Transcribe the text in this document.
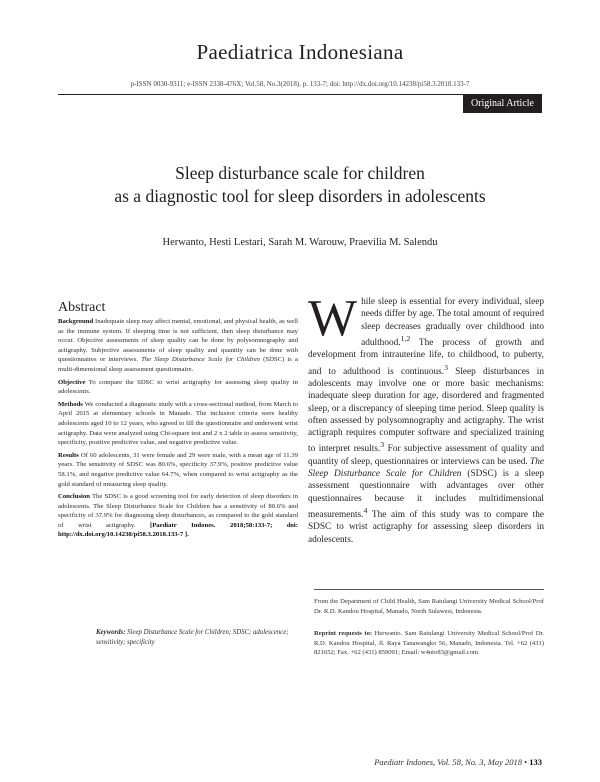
Paediatrica Indonesiana
p-ISSN 0030-9311; e-ISSN 2338-476X; Vol.58, No.3(2018). p. 133-7; doi: http://dx.doi.org/10.14238/pi58.3.2018.133-7
Original Article
Sleep disturbance scale for children
as a diagnostic tool for sleep disorders in adolescents
Herwanto, Hesti Lestari, Sarah M. Warouw, Praevilia M. Salendu
Abstract

Background Inadequate sleep may affect mental, emotional, and physical health, as well as the immune system. If sleeping time is not sufficient, then sleep disturbance may occur. Objective assessments of sleep quality can be done by polysomnography and actigraphy. Subjective assessments of sleep quality and quantity can be done with questionnaires or interviews. The Sleep Disturbance Scale for Children (SDSC) is a multi-dimensional sleep assessment questionnaire.

Objective To compare the SDSC to wrist actigraphy for assessing sleep quality in adolescents.

Methods We conducted a diagnostic study with a cross-sectional method, from March to April 2015 at elementary schools in Manado. The inclusion criteria were healthy adolescents aged 10 to 12 years, who agreed to fill the questionnaire and underwent wrist actigraphy. Data were analyzed using Chi-square test and 2 x 2 table to assess sensitivity, specificity, positive predictive value, and negative predictive value.

Results Of 60 adolescents, 31 were female and 29 were male, with a mean age of 11.39 years. The sensitivity of SDSC was 80.6%, specificity 37.9%, positive predictive value 58.1%, and negative predictive value 64.7%, when compared to wrist actigraphy as the gold standard of measuring sleep quality.

Conclusion The SDSC is a good screening tool for early detection of sleep disorders in adolescents. The Sleep Disturbance Scale for Children has a sensitivity of 80.6% and specificity of 37.9% for diagnosing sleep disturbances, as compared to the gold standard of wrist actigraphy. [Paediatr Indones. 2018;58:133-7; doi: http://dx.doi.org/10.14238/pi58.3.2018.133-7 ].

Keywords: Sleep Disturbance Scale for Children; SDSC; adolescence; sensitivity; specificity
While sleep is essential for every individual, sleep needs differ by age. The total amount of required sleep decreases gradually over childhood into adulthood.$^{1,2}$ The process of growth and development from intrauterine life, to childhood, to puberty, and to adulthood is continuous.$^3$ Sleep disturbances in adolescents may involve one or more basic mechanisms: inadequate sleep duration for age, disordered and fragmented sleep, or a discrepancy of sleeping time period. Sleep quality is often assessed by polysomnography and actigraphy. The wrist actigraph requires computer software and specialized training to interpret results.$^3$ For subjective assessment of quality and quantity of sleep, questionnaires or interviews can be used. The Sleep Disturbance Scale for Children (SDSC) is a sleep assessment questionnaire with advantages over other questionnaires because it includes multidimensional measurements.$^4$ The aim of this study was to compare the SDSC to wrist actigraphy for assessing sleep disorders in adolescents.
From the Department of Child Health, Sam Ratulangi University Medical School/Prof Dr. R.D. Kandou Hospital, Manado, North Sulawesi, Indonesia.
Reprint requests to: Herwanto. Sam Ratulangi University Medical School/Prof Dr. R.D. Kandou Hospital, Jl. Raya Tanawangko 56, Manado, Indonesia. Tel. +62 (431) 821652; Fax. +62 (431) 859091; Email: w4nto83@gmail.com.
Paediatr Indones, Vol. 58, No. 3, May 2018 • 133
